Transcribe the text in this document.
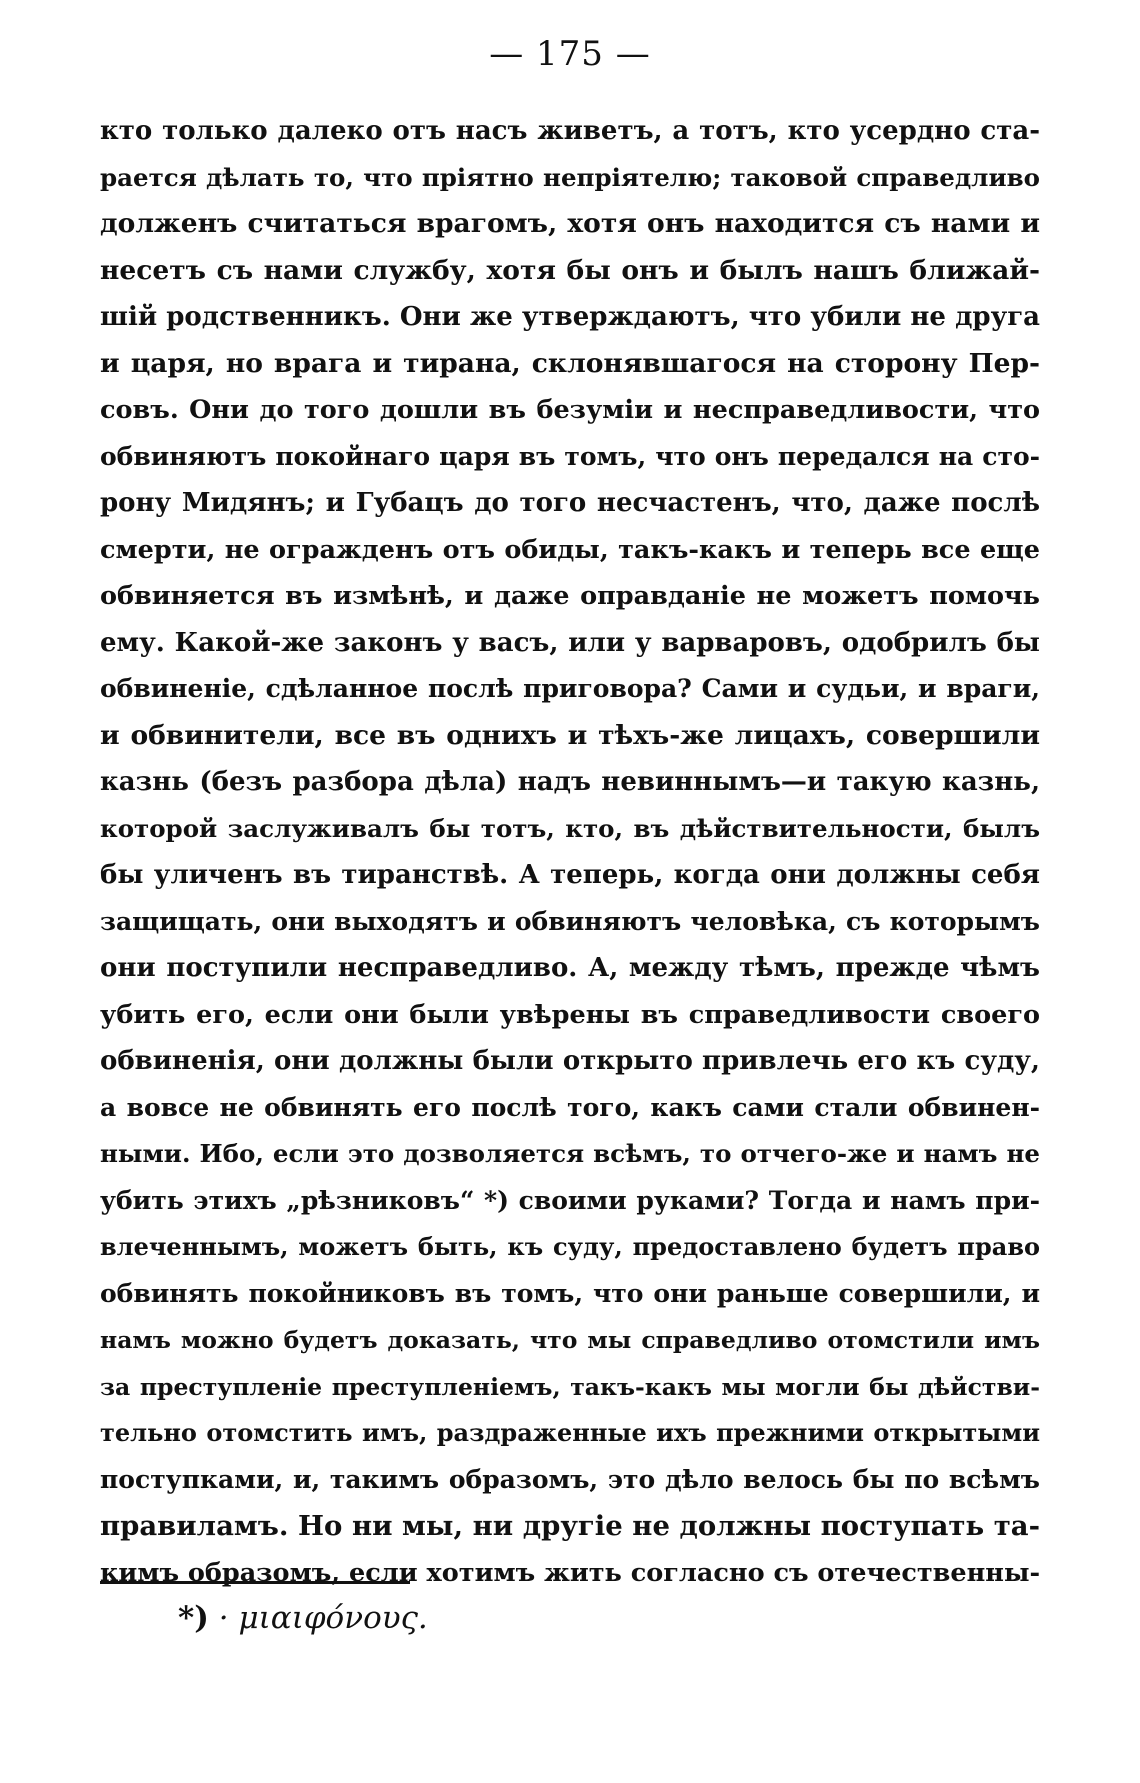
— 175 —
кто только далеко отъ насъ живетъ, а тотъ, кто усердно ста-
рается дѣлать то, что пріятно непріятелю; таковой справедливо
долженъ считаться врагомъ, хотя онъ находится съ нами и
несетъ съ нами службу, хотя бы онъ и былъ нашъ ближай-
шій родственникъ. Они же утверждаютъ, что убили не друга
и царя, но врага и тирана, склонявшагося на сторону Пер-
совъ. Они до того дошли въ безуміи и несправедливости, что
обвиняютъ покойнаго царя въ томъ, что онъ передался на сто-
рону Мидянъ; и Губацъ до того несчастенъ, что, даже послѣ
смерти, не огражденъ отъ обиды, такъ-какъ и теперь все еще
обвиняется въ измѣнѣ, и даже оправданіе не можетъ помочь
ему. Какой-же законъ у васъ, или у варваровъ, одобрилъ бы
обвиненіе, сдѣланное послѣ приговора? Сами и судьи, и враги,
и обвинители, все въ однихъ и тѣхъ-же лицахъ, совершили
казнь (безъ разбора дѣла) надъ невиннымъ—и такую казнь,
которой заслуживалъ бы тотъ, кто, въ дѣйствительности, былъ
бы уличенъ въ тиранствѣ. А теперь, когда они должны себя
защищать, они выходятъ и обвиняютъ человѣка, съ которымъ
они поступили несправедливо. А, между тѣмъ, прежде чѣмъ
убить его, если они были увѣрены въ справедливости своего
обвиненія, они должны были открыто привлечь его къ суду,
а вовсе не обвинять его послѣ того, какъ сами стали обвинен-
ными. Ибо, если это дозволяется всѣмъ, то отчего-же и намъ не
убить этихъ „рѣзниковъ“ *) своими руками? Тогда и намъ при-
влеченнымъ, можетъ быть, къ суду, предоставлено будетъ право
обвинять покойниковъ въ томъ, что они раньше совершили, и
намъ можно будетъ доказать, что мы справедливо отомстили имъ
за преступленіе преступленіемъ, такъ-какъ мы могли бы дѣйстви-
тельно отомстить имъ, раздраженные ихъ прежними открытыми
поступками, и, такимъ образомъ, это дѣло велось бы по всѣмъ
правиламъ. Но ни мы, ни другіе не должны поступать та-
кимъ образомъ, если хотимъ жить согласно съ отечественны-
*) · μιαιφόνους.
